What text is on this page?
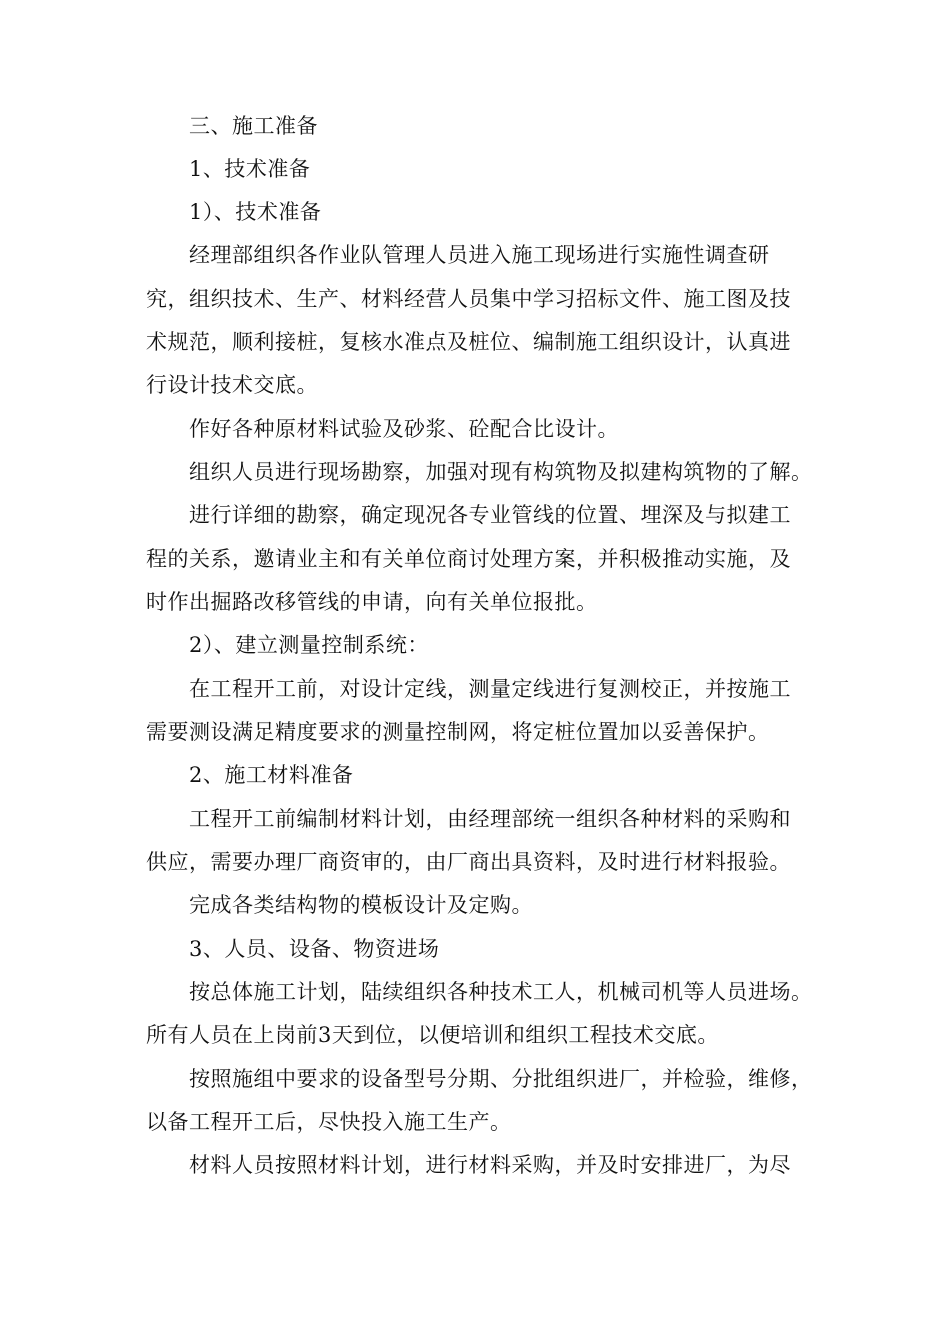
三、施工准备
1、技术准备
1）、技术准备
经理部组织各作业队管理人员进入施工现场进行实施性调查研
究，组织技术、生产、材料经营人员集中学习招标文件、施工图及技
术规范，顺利接桩，复核水准点及桩位、编制施工组织设计，认真进
行设计技术交底。
作好各种原材料试验及砂浆、砼配合比设计。
组织人员进行现场勘察，加强对现有构筑物及拟建构筑物的了解。
进行详细的勘察，确定现况各专业管线的位置、埋深及与拟建工
程的关系，邀请业主和有关单位商讨处理方案，并积极推动实施，及
时作出掘路改移管线的申请，向有关单位报批。
2）、建立测量控制系统：
在工程开工前，对设计定线，测量定线进行复测校正，并按施工
需要测设满足精度要求的测量控制网，将定桩位置加以妥善保护。
2、施工材料准备
工程开工前编制材料计划，由经理部统一组织各种材料的采购和
供应，需要办理厂商资审的，由厂商出具资料，及时进行材料报验。
完成各类结构物的模板设计及定购。
3、人员、设备、物资进场
按总体施工计划，陆续组织各种技术工人，机械司机等人员进场。
所有人员在上岗前3天到位，以便培训和组织工程技术交底。
按照施组中要求的设备型号分期、分批组织进厂，并检验，维修，
以备工程开工后，尽快投入施工生产。
材料人员按照材料计划，进行材料采购，并及时安排进厂，为尽
